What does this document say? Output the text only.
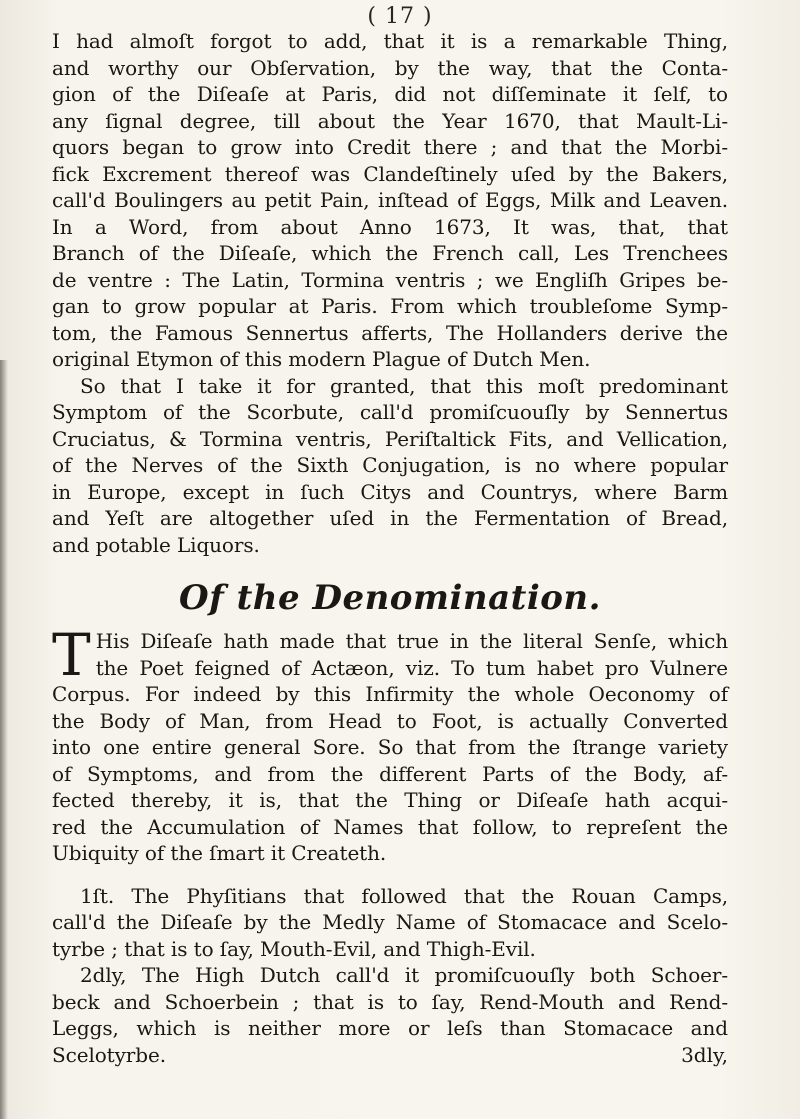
( 17 )
I had almoſt forgot to add, that it is a remarkable Thing,
and worthy our Obſervation, by the way, that the Conta-
gion of the Diſeaſe at Paris, did not diſſeminate it ſelf, to
any ſignal degree, till about the Year 1670, that Mault-Li-
quors began to grow into Credit there ; and that the Morbi-
fick Excrement thereof was Clandeſtinely uſed by the Bakers,
call'd Boulingers au petit Pain, inſtead of Eggs, Milk and Leaven.
In a Word, from about Anno 1673, It was, that, that
Branch of the Diſeaſe, which the French call, Les Trenchees
de ventre : The Latin, Tormina ventris ; we Engliſh Gripes be-
gan to grow popular at Paris. From which troubleſome Symp-
tom, the Famous Sennertus afferts, The Hollanders derive the
original Etymon of this modern Plague of Dutch Men.
So that I take it for granted, that this moſt predominant
Symptom of the Scorbute, call'd promiſcuouſly by Sennertus
Cruciatus, & Tormina ventris, Periſtaltick Fits, and Vellication,
of the Nerves of the Sixth Conjugation, is no where popular
in Europe, except in ſuch Citys and Countrys, where Barm
and Yeſt are altogether uſed in the Fermentation of Bread,
and potable Liquors.
Of the Denomination.
T His Diſeaſe hath made that true in the literal Senſe, which
the Poet feigned of Actæon, viz. To tum habet pro Vulnere
Corpus. For indeed by this Infirmity the whole Oeconomy of
the Body of Man, from Head to Foot, is actually Converted
into one entire general Sore. So that from the ſtrange variety
of Symptoms, and from the different Parts of the Body, af-
fected thereby, it is, that the Thing or Diſeaſe hath acqui-
red the Accumulation of Names that follow, to repreſent the
Ubiquity of the ſmart it Createth.
1ſt. The Phyſitians that followed that the Rouan Camps,
call'd the Diſeaſe by the Medly Name of Stomacace and Scelo-
tyrbe ; that is to ſay, Mouth-Evil, and Thigh-Evil.
2dly, The High Dutch call'd it promiſcuouſly both Schoer-
beck and Schoerbein ; that is to ſay, Rend-Mouth and Rend-
Leggs, which is neither more or leſs than Stomacace and
Scelotyrbe.	3dly,
